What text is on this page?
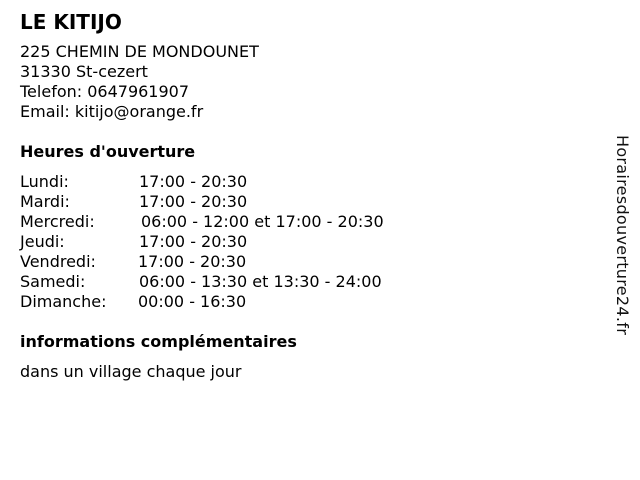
LE KITIJO
225 CHEMIN DE MONDOUNET
31330 St-cezert
Telefon: 0647961907
Email: kitijo@orange.fr
Heures d'ouverture
Lundi:	17:00 - 20:30
Mardi:	17:00 - 20:30
Mercredi:	06:00 - 12:00 et 17:00 - 20:30
Jeudi:	17:00 - 20:30
Vendredi:	17:00 - 20:30
Samedi:	06:00 - 13:30 et 13:30 - 24:00
Dimanche: 00:00 - 16:30
informations complémentaires
dans un village chaque jour
Horairesdouverture24.fr
